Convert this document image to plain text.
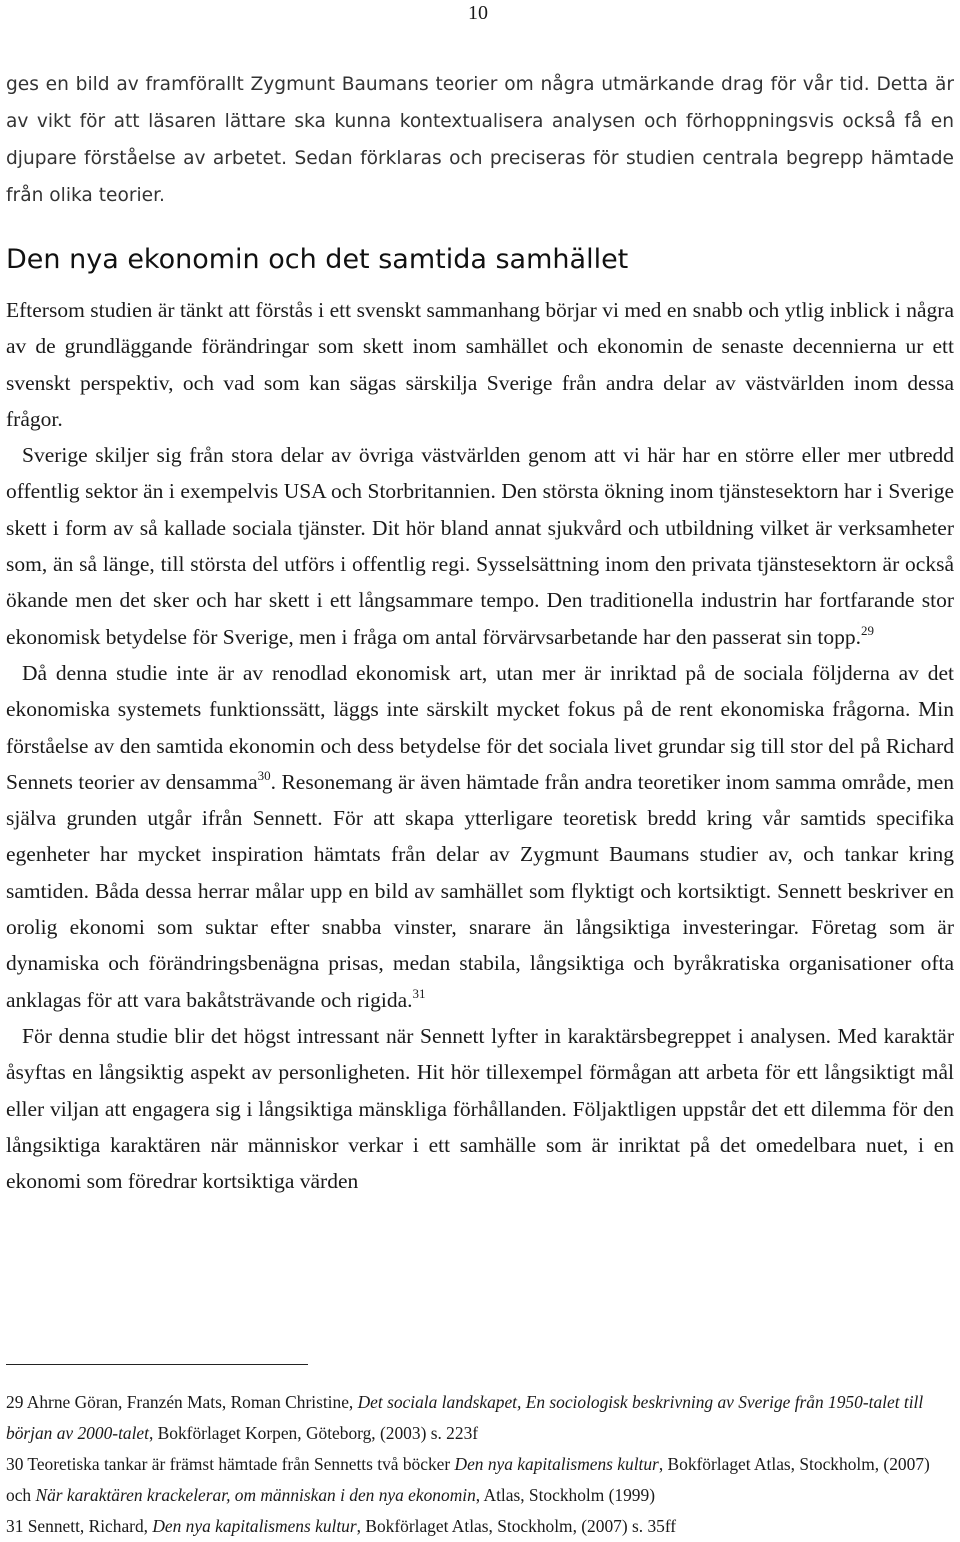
10

ges en bild av framförallt Zygmunt Baumans teorier om några utmärkande drag för vår tid. Detta är av vikt för att läsaren lättare ska kunna kontextualisera analysen och förhoppningsvis också få en djupare förståelse av arbetet. Sedan förklaras och preciseras för studien centrala begrepp hämtade från olika teorier.

Den nya ekonomin och det samtida samhället

Eftersom studien är tänkt att förstås i ett svenskt sammanhang börjar vi med en snabb och ytlig inblick i några av de grundläggande förändringar som skett inom samhället och ekonomin de senaste decennierna ur ett svenskt perspektiv, och vad som kan sägas särskilja Sverige från andra delar av västvärlden inom dessa frågor.

Sverige skiljer sig från stora delar av övriga västvärlden genom att vi här har en större eller mer utbredd offentlig sektor än i exempelvis USA och Storbritannien. Den största ökning inom tjänstesektorn har i Sverige skett i form av så kallade sociala tjänster. Dit hör bland annat sjukvård och utbildning vilket är verksamheter som, än så länge, till största del utförs i offentlig regi. Sysselsättning inom den privata tjänstesektorn är också ökande men det sker och har skett i ett långsammare tempo. Den traditionella industrin har fortfarande stor ekonomisk betydelse för Sverige, men i fråga om antal förvärvsarbetande har den passerat sin topp.$^{29}$

Då denna studie inte är av renodlad ekonomisk art, utan mer är inriktad på de sociala följderna av det ekonomiska systemets funktionssätt, läggs inte särskilt mycket fokus på de rent ekonomiska frågorna. Min förståelse av den samtida ekonomin och dess betydelse för det sociala livet grundar sig till stor del på Richard Sennets teorier av densamma$^{30}$. Resonemang är även hämtade från andra teoretiker inom samma område, men själva grunden utgår ifrån Sennett. För att skapa ytterligare teoretisk bredd kring vår samtids specifika egenheter har mycket inspiration hämtats från delar av Zygmunt Baumans studier av, och tankar kring samtiden. Båda dessa herrar målar upp en bild av samhället som flyktigt och kortsiktigt. Sennett beskriver en orolig ekonomi som suktar efter snabba vinster, snarare än långsiktiga investeringar. Företag som är dynamiska och förändringsbenägna prisas, medan stabila, långsiktiga och byråkratiska organisationer ofta anklagas för att vara bakåtsträvande och rigida.$^{31}$

För denna studie blir det högst intressant när Sennett lyfter in karaktärsbegreppet i analysen. Med karaktär åsyftas en långsiktig aspekt av personligheten. Hit hör tillexempel förmågan att arbeta för ett långsiktigt mål eller viljan att engagera sig i långsiktiga mänskliga förhållanden. Följaktligen uppstår det ett dilemma för den långsiktiga karaktären när människor verkar i ett samhälle som är inriktat på det omedelbara nuet, i en ekonomi som föredrar kortsiktiga värden

29 Ahrne Göran, Franzén Mats, Roman Christine, Det sociala landskapet, En sociologisk beskrivning av Sverige från 1950-talet till början av 2000-talet, Bokförlaget Korpen, Göteborg, (2003) s. 223f

30 Teoretiska tankar är främst hämtade från Sennetts två böcker Den nya kapitalismens kultur, Bokförlaget Atlas, Stockholm, (2007) och När karaktären krackelerar, om människan i den nya ekonomin, Atlas, Stockholm (1999)

31 Sennett, Richard, Den nya kapitalismens kultur, Bokförlaget Atlas, Stockholm, (2007) s. 35ff
